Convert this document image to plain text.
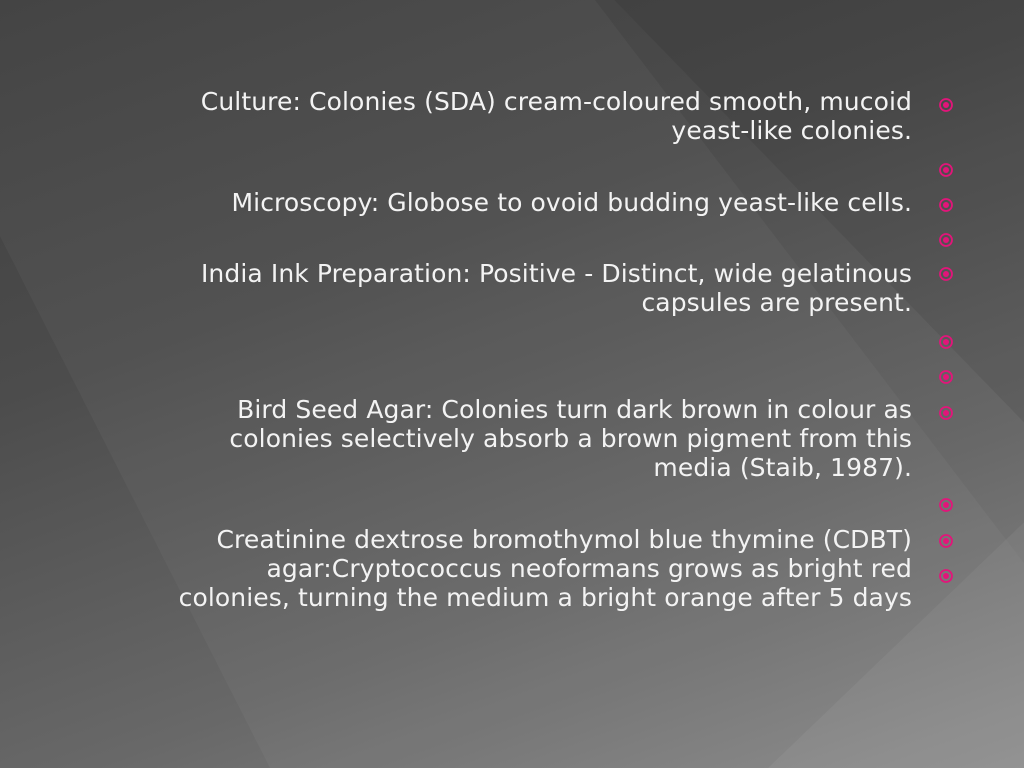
Culture: Colonies (SDA) cream-coloured smooth, mucoid
yeast-like colonies.
Microscopy: Globose to ovoid budding yeast-like cells.
India Ink Preparation: Positive - Distinct, wide gelatinous
capsules are present.
Bird Seed Agar: Colonies turn dark brown in colour as
colonies selectively absorb a brown pigment from this
media (Staib, 1987).
Creatinine dextrose bromothymol blue thymine (CDBT)
agar:Cryptococcus neoformans grows as bright red
colonies, turning the medium a bright orange after 5 days
